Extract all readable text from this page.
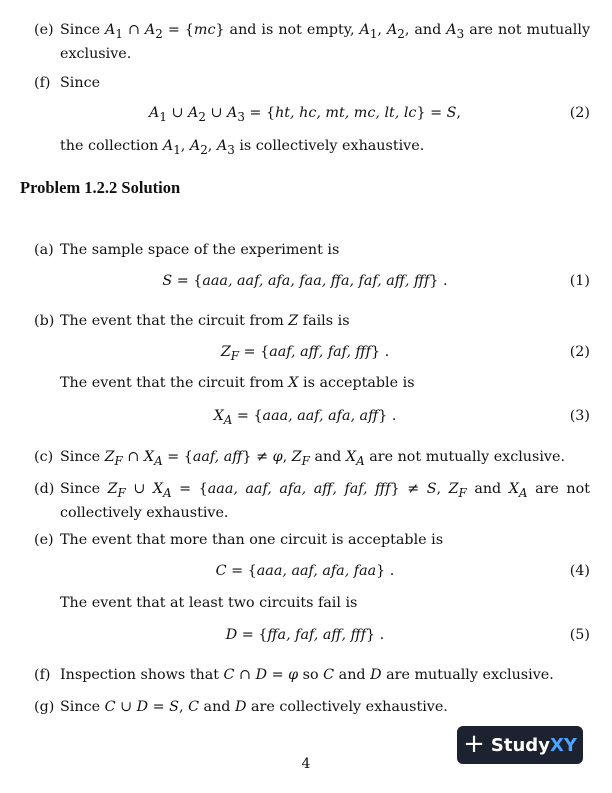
(e) Since $A_1$ ∩ $A_2 = \{mc\}$ and is not empty, $A_1$, $A_2$, and $A_3$ are not mutually exclusive.
(f) Since
$A_1$ ∪ $A_2$ ∪ $A_3 = \{ht$, hc, mt, mc, lt, lc} = S,	(2)
the collection $A_1$, $A_2$, $A_3$ is collectively exhaustive.
Problem 1.2.2 Solution
(a) The sample space of the experiment is
S = {aaa, aaf, afa, faa, ffa, faf, aff, fff} .	(1)
(b) The event that the circuit from Z fails is
$Z_F = \{aaf$, aff, faf, fff} .	(2)
The event that the circuit from X is acceptable is
$X_A = \{aaa$, aaf, afa, aff} .	(3)
(c) Since $Z_F$ ∩ $X_A = \{aaf$, aff} ≠ φ, $Z_F$ and $X_A$ are not mutually exclusive.
(d) Since $Z_F$ ∪ $X_A = \{aaa$, aaf, afa, aff, faf, fff} ≠ S, $Z_F$ and $X_A$ are not collectively exhaustive.
(e) The event that more than one circuit is acceptable is
C = {aaa, aaf, afa, faa} .	(4)
The event that at least two circuits fail is
D = {ffa, faf, aff, fff} .	(5)
(f) Inspection shows that C ∩ D = φ so C and D are mutually exclusive.
(g) Since C ∪ D = S, C and D are collectively exhaustive.
+ StudyXY
4
